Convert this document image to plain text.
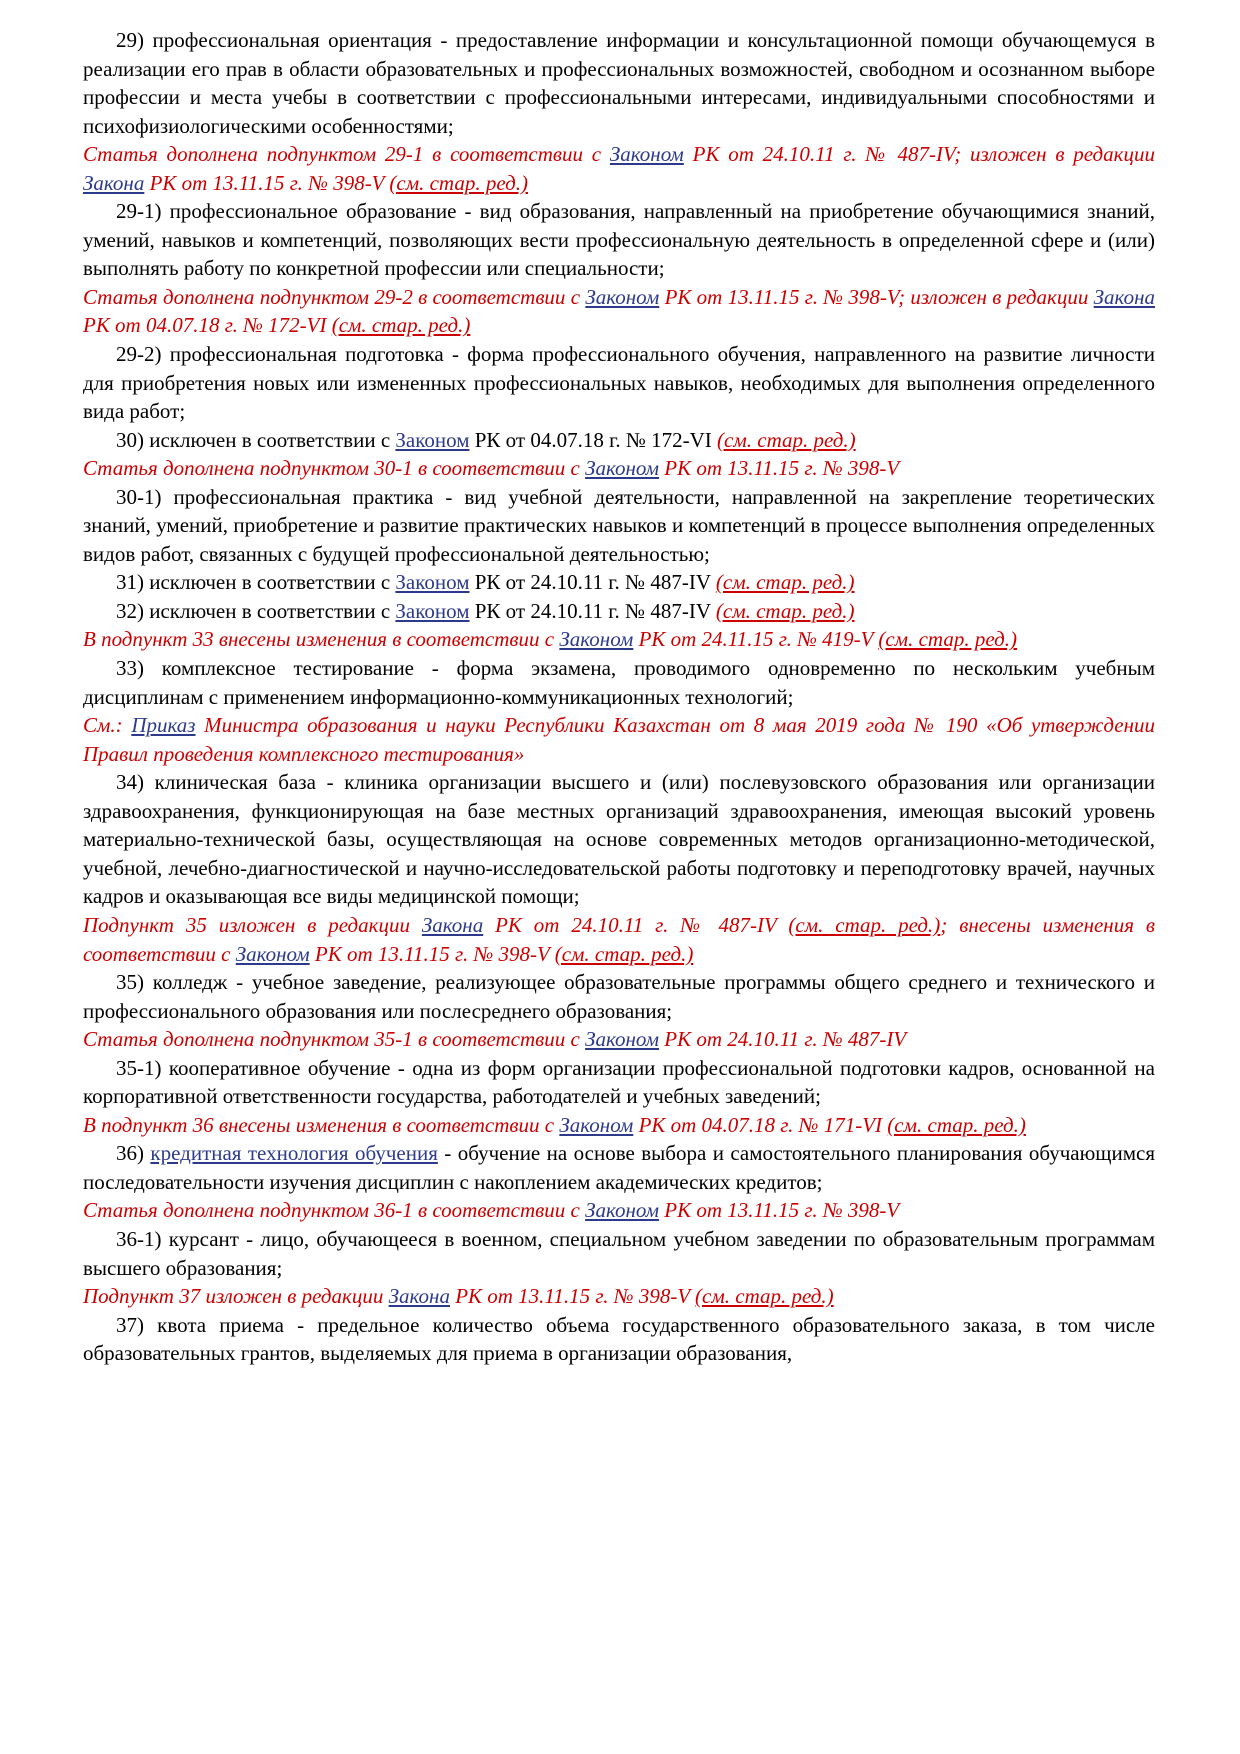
29) профессиональная ориентация - предоставление информации и консультационной помощи обучающемуся в реализации его прав в области образовательных и профессиональных возможностей, свободном и осознанном выборе профессии и места учебы в соответствии с профессиональными интересами, индивидуальными способностями и психофизиологическими особенностями;

Статья дополнена подпунктом 29-1 в соответствии с Законом РК от 24.10.11 г. № 487-IV; изложен в редакции Закона РК от 13.11.15 г. № 398-V (см. стар. ред.)

29-1) профессиональное образование - вид образования, направленный на приобретение обучающимися знаний, умений, навыков и компетенций, позволяющих вести профессиональную деятельность в определенной сфере и (или) выполнять работу по конкретной профессии или специальности;

Статья дополнена подпунктом 29-2 в соответствии с Законом РК от 13.11.15 г. № 398-V; изложен в редакции Закона РК от 04.07.18 г. № 172-VI (см. стар. ред.)

29-2) профессиональная подготовка - форма профессионального обучения, направленного на развитие личности для приобретения новых или измененных профессиональных навыков, необходимых для выполнения определенного вида работ;

30) исключен в соответствии с Законом РК от 04.07.18 г. № 172-VI (см. стар. ред.)

Статья дополнена подпунктом 30-1 в соответствии с Законом РК от 13.11.15 г. № 398-V

30-1) профессиональная практика - вид учебной деятельности, направленной на закрепление теоретических знаний, умений, приобретение и развитие практических навыков и компетенций в процессе выполнения определенных видов работ, связанных с будущей профессиональной деятельностью;

31) исключен в соответствии с Законом РК от 24.10.11 г. № 487-IV (см. стар. ред.)

32) исключен в соответствии с Законом РК от 24.10.11 г. № 487-IV (см. стар. ред.)

В подпункт 33 внесены изменения в соответствии с Законом РК от 24.11.15 г. № 419-V (см. стар. ред.)

33) комплексное тестирование - форма экзамена, проводимого одновременно по нескольким учебным дисциплинам с применением информационно-коммуникационных технологий;

См.: Приказ Министра образования и науки Республики Казахстан от 8 мая 2019 года № 190 «Об утверждении Правил проведения комплексного тестирования»

34) клиническая база - клиника организации высшего и (или) послевузовского образования или организации здравоохранения, функционирующая на базе местных организаций здравоохранения, имеющая высокий уровень материально-технической базы, осуществляющая на основе современных методов организационно-методической, учебной, лечебно-диагностической и научно-исследовательской работы подготовку и переподготовку врачей, научных кадров и оказывающая все виды медицинской помощи;

Подпункт 35 изложен в редакции Закона РК от 24.10.11 г. № 487-IV (см. стар. ред.); внесены изменения в соответствии с Законом РК от 13.11.15 г. № 398-V (см. стар. ред.)

35) колледж - учебное заведение, реализующее образовательные программы общего среднего и технического и профессионального образования или послесреднего образования;

Статья дополнена подпунктом 35-1 в соответствии с Законом РК от 24.10.11 г. № 487-IV

35-1) кооперативное обучение - одна из форм организации профессиональной подготовки кадров, основанной на корпоративной ответственности государства, работодателей и учебных заведений;

В подпункт 36 внесены изменения в соответствии с Законом РК от 04.07.18 г. № 171-VI (см. стар. ред.)

36) кредитная технология обучения - обучение на основе выбора и самостоятельного планирования обучающимся последовательности изучения дисциплин с накоплением академических кредитов;

Статья дополнена подпунктом 36-1 в соответствии с Законом РК от 13.11.15 г. № 398-V

36-1) курсант - лицо, обучающееся в военном, специальном учебном заведении по образовательным программам высшего образования;

Подпункт 37 изложен в редакции Закона РК от 13.11.15 г. № 398-V (см. стар. ред.)

37) квота приема - предельное количество объема государственного образовательного заказа, в том числе образовательных грантов, выделяемых для приема в организации образования,
